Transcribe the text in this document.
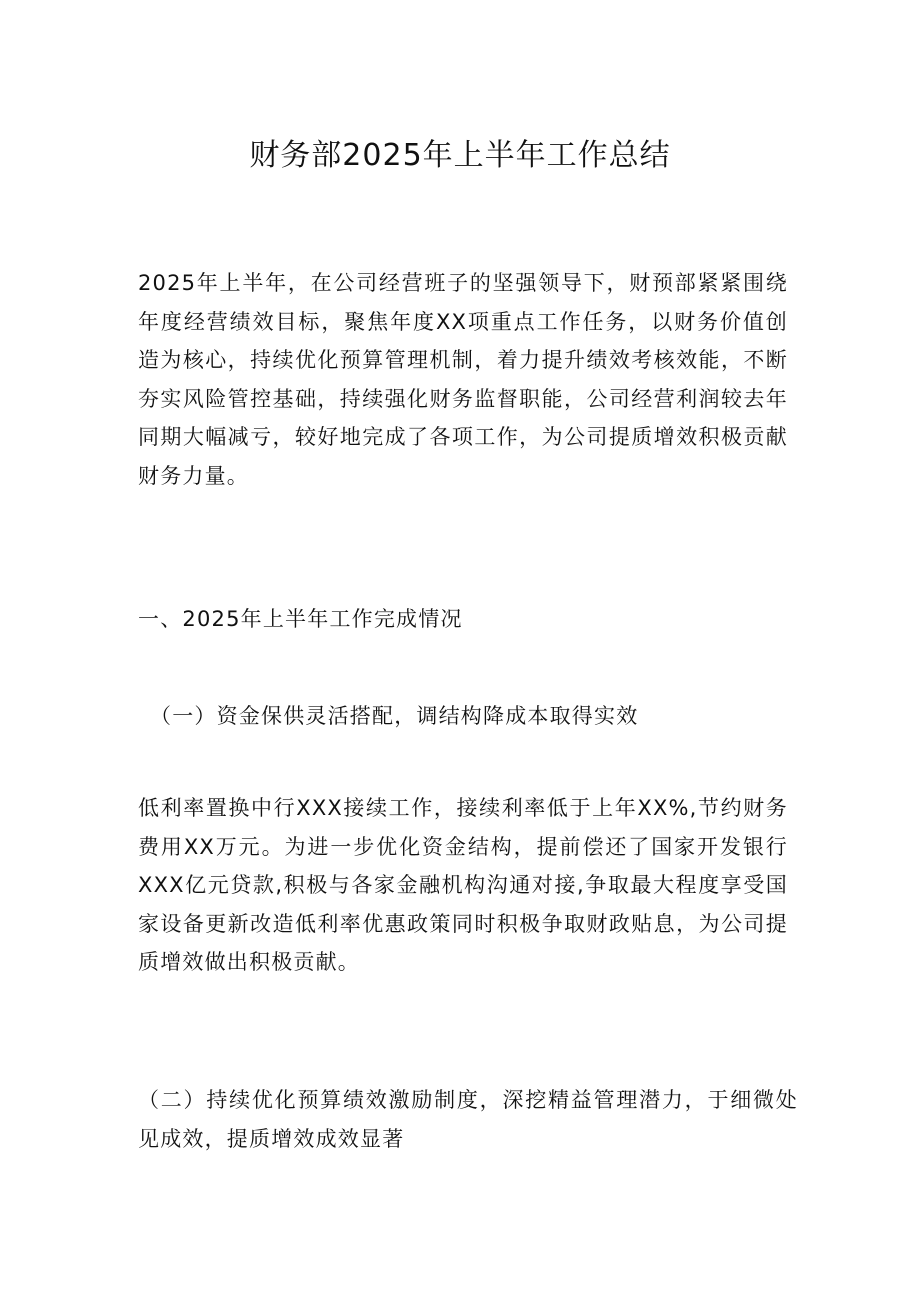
财务部2025年上半年工作总结

2025年上半年，在公司经营班子的坚强领导下，财预部紧紧围绕年度经营绩效目标，聚焦年度XX项重点工作任务，以财务价值创造为核心，持续优化预算管理机制，着力提升绩效考核效能，不断夯实风险管控基础，持续强化财务监督职能，公司经营利润较去年同期大幅减亏，较好地完成了各项工作，为公司提质增效积极贡献财务力量。

一、2025年上半年工作完成情况

（一）资金保供灵活搭配，调结构降成本取得实效

低利率置换中行XXX接续工作，接续利率低于上年XX%,节约财务费用XX万元。为进一步优化资金结构，提前偿还了国家开发银行XXX亿元贷款,积极与各家金融机构沟通对接,争取最大程度享受国家设备更新改造低利率优惠政策同时积极争取财政贴息，为公司提质增效做出积极贡献。

（二）持续优化预算绩效激励制度，深挖精益管理潜力，于细微处见成效，提质增效成效显著
